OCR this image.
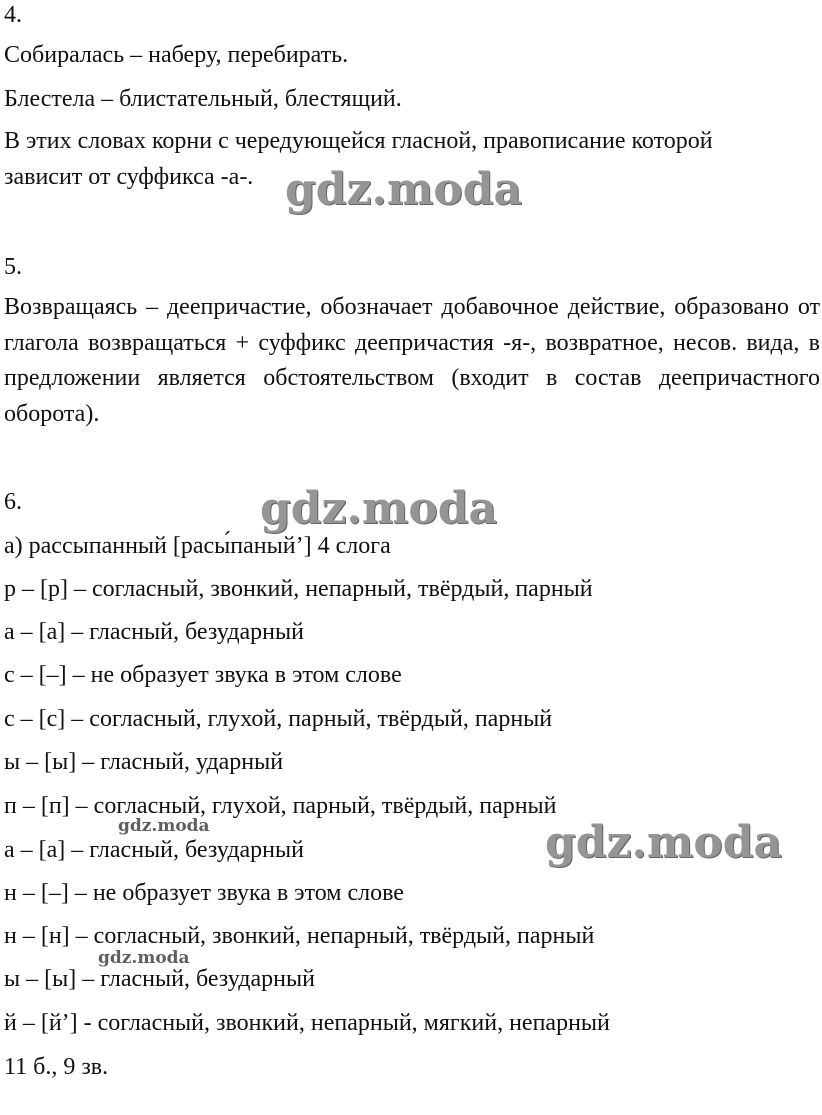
4.
Собиралась – наберу, перебирать.
Блестела – блистательный, блестящий.
В этих словах корни с чередующейся гласной, правописание которой
зависит от суффикса -а-.
5.
Возвращаясь – деепричастие, обозначает добавочное действие, образовано от глагола возвращаться + суффикс деепричастия -я-, возвратное, несов. вида, в предложении является обстоятельством (входит в состав деепричастного оборота).
6.
а) рассыпанный [расы́паный’] 4 слога
р – [р] – согласный, звонкий, непарный, твёрдый, парный
а – [а] – гласный, безударный
с – [–] – не образует звука в этом слове
с – [с] – согласный, глухой, парный, твёрдый, парный
ы – [ы] – гласный, ударный
п – [п] – согласный, глухой, парный, твёрдый, парный
а – [а] – гласный, безударный
н – [–] – не образует звука в этом слове
н – [н] – согласный, звонкий, непарный, твёрдый, парный
ы – [ы] – гласный, безударный
й – [й’] - согласный, звонкий, непарный, мягкий, непарный
11 б., 9 зв.
gdz.moda
gdz.moda
gdz.moda
gdz.moda
gdz.moda
